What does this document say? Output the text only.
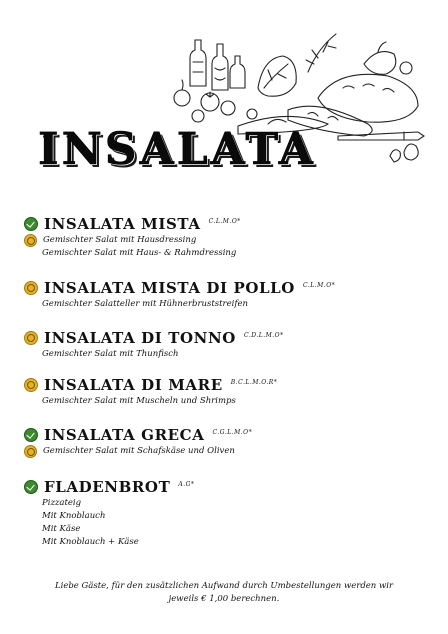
INSALATA
INSALATA MISTA C.L.M.O*
Gemischter Salat mit Hausdressing
Gemischter Salat mit Haus- & Rahmdressing
INSALATA MISTA DI POLLO C.L.M.O*
Gemischter Salatteller mit Hühnerbruststreifen
INSALATA DI TONNO C.D.L.M.O*
Gemischter Salat mit Thunfisch
INSALATA DI MARE B.C.L.M.O.R*
Gemischter Salat mit Muscheln und Shrimps
INSALATA GRECA C.G.L.M.O*
Gemischter Salat mit Schafskäse und Oliven
FLADENBROT A.G*
Pizzateig
Mit Knoblauch
Mit Käse
Mit Knoblauch + Käse
Liebe Gäste, für den zusätzlichen Aufwand durch Umbestellungen werden wir
jeweils € 1,00 berechnen.
